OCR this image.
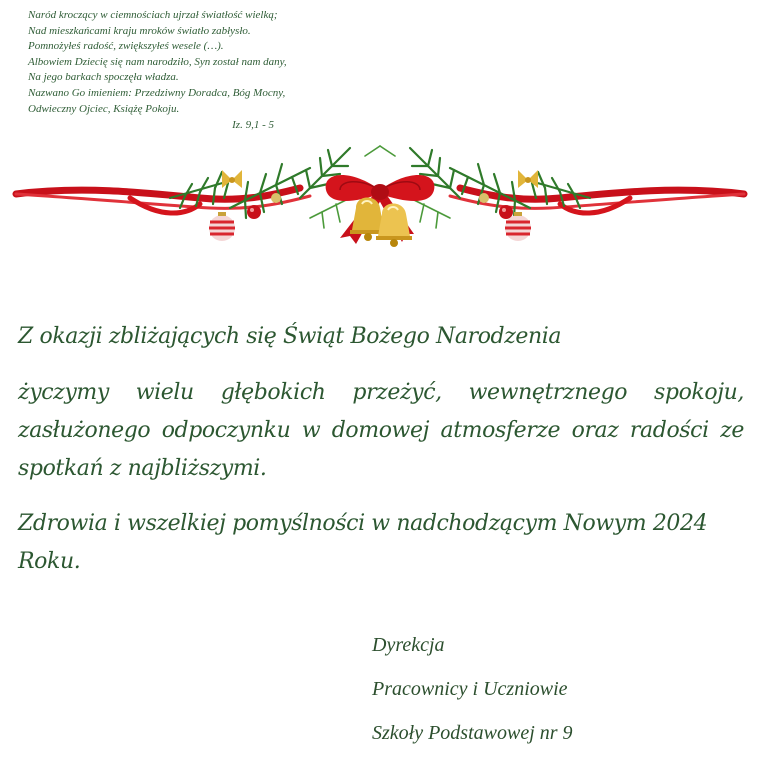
Naród kroczący w ciemnościach ujrzał światłość wielką;
Nad mieszkańcami kraju mroków światło zabłysło.
Pomnożyłeś radość, zwiększyłeś wesele (…).
Albowiem Dziecię się nam narodziło, Syn został nam dany,
Na jego barkach spoczęła władza.
Nazwano Go imieniem: Przedziwny Doradca, Bóg Mocny,
Odwieczny Ojciec, Książę Pokoju.
Iz. 9,1 - 5

Z okazji zbliżających się Świąt Bożego Narodzenia

życzymy wielu głębokich przeżyć, wewnętrznego spokoju, zasłużonego odpoczynku w domowej atmosferze oraz radości ze spotkań z najbliższymi.

Zdrowia i wszelkiej pomyślności w nadchodzącym Nowym 2024 Roku.

Dyrekcja
Pracownicy i Uczniowie
Szkoły Podstawowej nr 9
